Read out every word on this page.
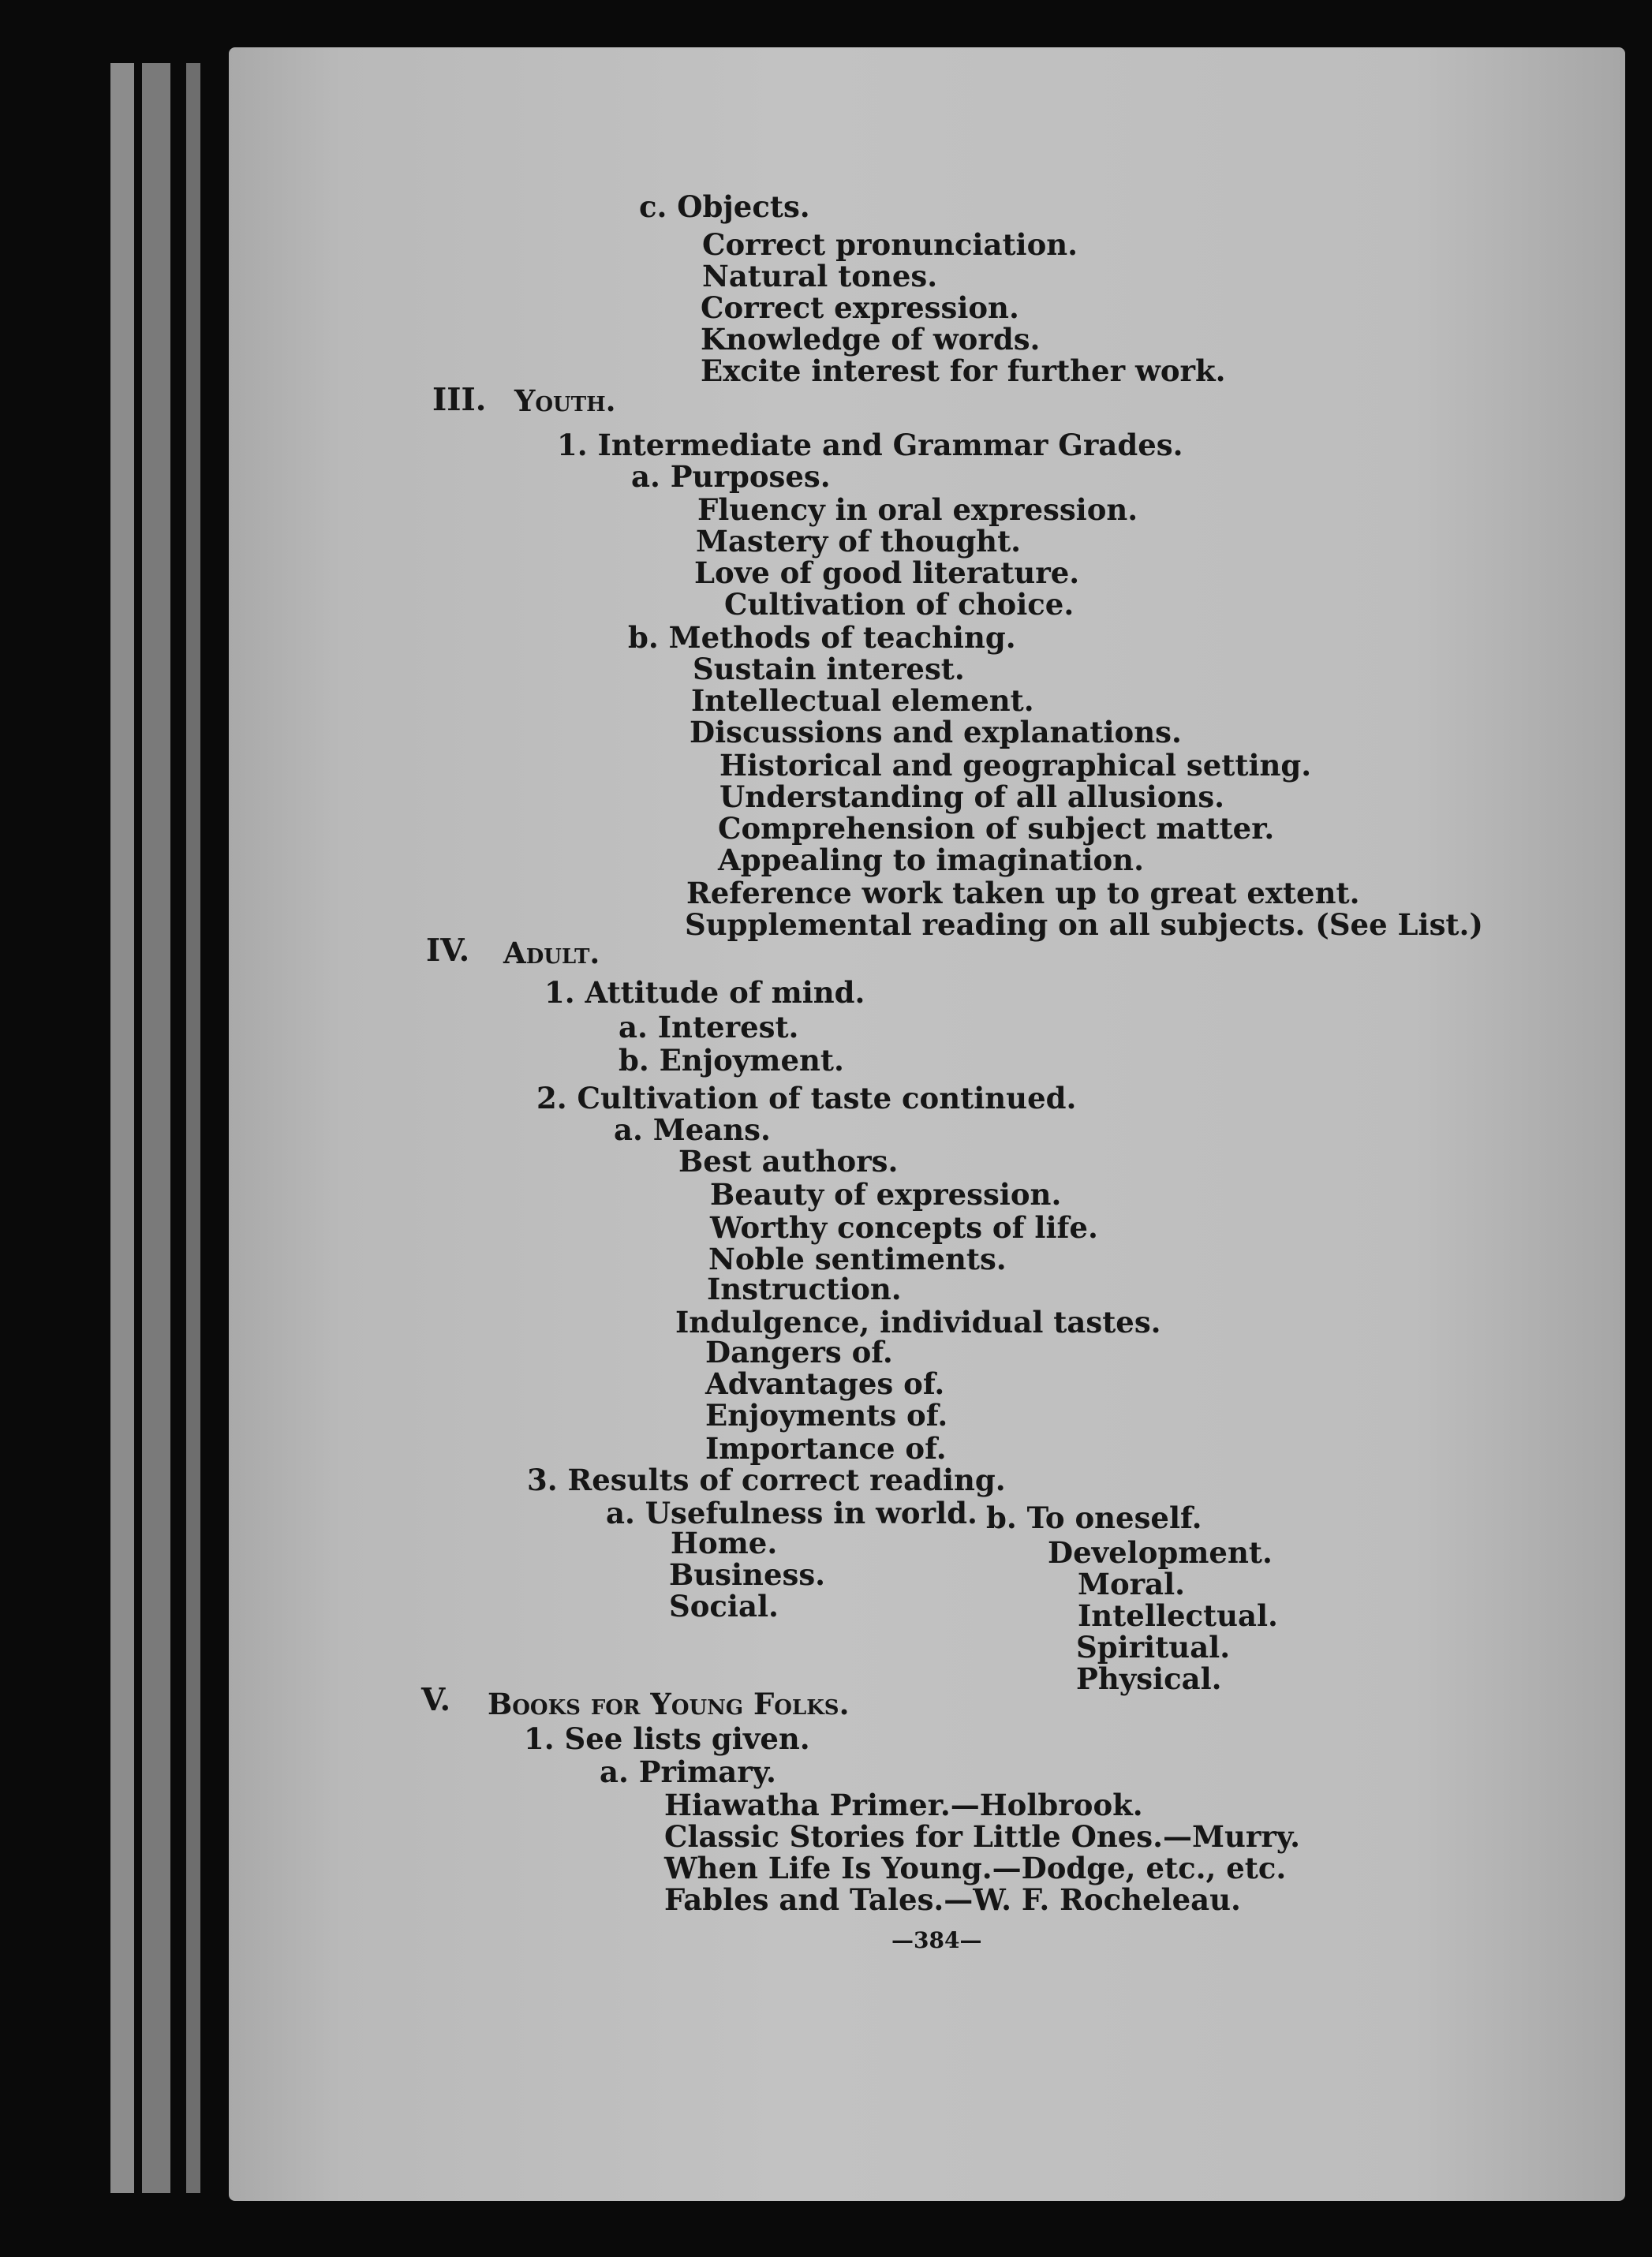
c. Objects.
Correct pronunciation.
Natural tones.
Correct expression.
Knowledge of words.
Excite interest for further work.
III. Youth.
1. Intermediate and Grammar Grades.
a. Purposes.
Fluency in oral expression.
Mastery of thought.
Love of good literature.
Cultivation of choice.
b. Methods of teaching.
Sustain interest.
Intellectual element.
Discussions and explanations.
Historical and geographical setting.
Understanding of all allusions.
Comprehension of subject matter.
Appealing to imagination.
Reference work taken up to great extent.
Supplemental reading on all subjects. (See List.)
IV. Adult.
1. Attitude of mind.
a. Interest.
b. Enjoyment.
2. Cultivation of taste continued.
a. Means.
Best authors.
Beauty of expression.
Worthy concepts of life.
Noble sentiments.
Instruction.
Indulgence, individual tastes.
Dangers of.
Advantages of.
Enjoyments of.
Importance of.
3. Results of correct reading.
a. Usefulness in world. b. To oneself.
Home.	Development.
Business.	Moral.
Social.	Intellectual.
Spiritual.
Physical.
V. Books for Young Folks.
1. See lists given.
a. Primary.
Hiawatha Primer.—Holbrook.
Classic Stories for Little Ones.—Murry.
When Life Is Young.—Dodge, etc., etc.
Fables and Tales.—W. F. Rocheleau.
—384—
